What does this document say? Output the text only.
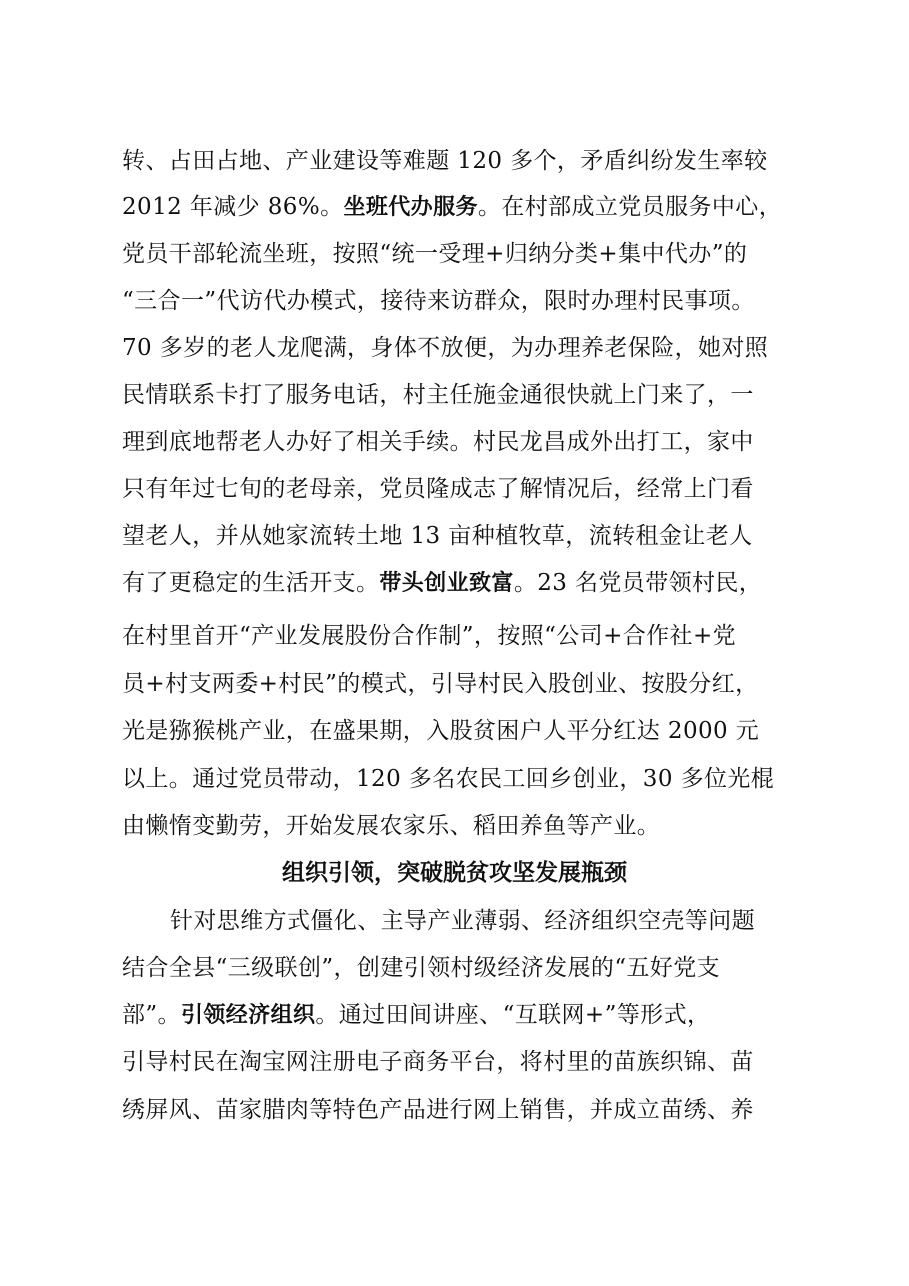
转、占田占地、产业建设等难题 120 多个，矛盾纠纷发生率较
2012 年减少 86%。坐班代办服务。在村部成立党员服务中心，
党员干部轮流坐班，按照“统一受理+归纳分类+集中代办”的
“三合一”代访代办模式，接待来访群众，限时办理村民事项。
70 多岁的老人龙爬满，身体不放便，为办理养老保险，她对照
民情联系卡打了服务电话，村主任施金通很快就上门来了，一
理到底地帮老人办好了相关手续。村民龙昌成外出打工，家中
只有年过七旬的老母亲，党员隆成志了解情况后，经常上门看
望老人，并从她家流转土地 13 亩种植牧草，流转租金让老人
有了更稳定的生活开支。带头创业致富。23 名党员带领村民，
在村里首开“产业发展股份合作制”，按照“公司+合作社+党
员+村支两委+村民”的模式，引导村民入股创业、按股分红，
光是猕猴桃产业，在盛果期，入股贫困户人平分红达 2000 元
以上。通过党员带动，120 多名农民工回乡创业，30 多位光棍
由懒惰变勤劳，开始发展农家乐、稻田养鱼等产业。
组织引领，突破脱贫攻坚发展瓶颈
针对思维方式僵化、主导产业薄弱、经济组织空壳等问题
结合全县“三级联创”，创建引领村级经济发展的“五好党支
部”。引领经济组织。通过田间讲座、“互联网+”等形式，
引导村民在淘宝网注册电子商务平台，将村里的苗族织锦、苗
绣屏风、苗家腊肉等特色产品进行网上销售，并成立苗绣、养
